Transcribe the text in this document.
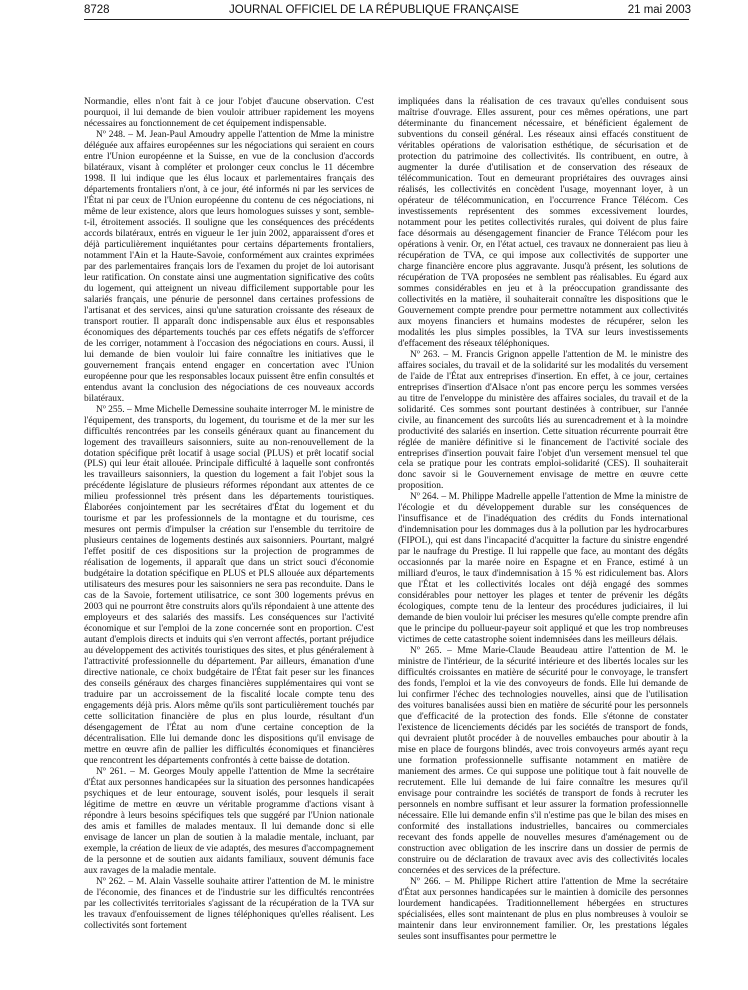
8728	JOURNAL OFFICIEL DE LA RÉPUBLIQUE FRANÇAISE	21 mai 2003

Normandie, elles n'ont fait à ce jour l'objet d'aucune observation. C'est pourquoi, il lui demande de bien vouloir attribuer rapidement les moyens nécessaires au fonctionnement de cet équipement indispensable.

Nº 248. – M. Jean-Paul Amoudry appelle l'attention de Mme la ministre déléguée aux affaires européennes sur les négociations qui seraient en cours entre l'Union européenne et la Suisse, en vue de la conclusion d'accords bilatéraux, visant à compléter et prolonger ceux conclus le 11 décembre 1998. Il lui indique que les élus locaux et parlementaires français des départements frontaliers n'ont, à ce jour, été informés ni par les services de l'État ni par ceux de l'Union européenne du contenu de ces négociations, ni même de leur existence, alors que leurs homologues suisses y sont, semble-t-il, étroitement associés. Il souligne que les conséquences des précédents accords bilatéraux, entrés en vigueur le 1er juin 2002, apparaissent d'ores et déjà particulièrement inquiétantes pour certains départements frontaliers, notamment l'Ain et la Haute-Savoie, conformément aux craintes exprimées par des parlementaires français lors de l'examen du projet de loi autorisant leur ratification. On constate ainsi une augmentation significative des coûts du logement, qui atteignent un niveau difficilement supportable pour les salariés français, une pénurie de personnel dans certaines professions de l'artisanat et des services, ainsi qu'une saturation croissante des réseaux de transport routier. Il apparaît donc indispensable aux élus et responsables économiques des départements touchés par ces effets négatifs de s'efforcer de les corriger, notamment à l'occasion des négociations en cours. Aussi, il lui demande de bien vouloir lui faire connaître les initiatives que le gouvernement français entend engager en concertation avec l'Union européenne pour que les responsables locaux puissent être enfin consultés et entendus avant la conclusion des négociations de ces nouveaux accords bilatéraux.

Nº 255. – Mme Michelle Demessine souhaite interroger M. le ministre de l'équipement, des transports, du logement, du tourisme et de la mer sur les difficultés rencontrées par les conseils généraux quant au financement du logement des travailleurs saisonniers, suite au non-renouvellement de la dotation spécifique prêt locatif à usage social (PLUS) et prêt locatif social (PLS) qui leur était allouée. Principale difficulté à laquelle sont confrontés les travailleurs saisonniers, la question du logement a fait l'objet sous la précédente législature de plusieurs réformes répondant aux attentes de ce milieu professionnel très présent dans les départements touristiques. Élaborées conjointement par les secrétaires d'État du logement et du tourisme et par les professionnels de la montagne et du tourisme, ces mesures ont permis d'impulser la création sur l'ensemble du territoire de plusieurs centaines de logements destinés aux saisonniers. Pourtant, malgré l'effet positif de ces dispositions sur la projection de programmes de réalisation de logements, il apparaît que dans un strict souci d'économie budgétaire la dotation spécifique en PLUS et PLS allouée aux départements utilisateurs des mesures pour les saisonniers ne sera pas reconduite. Dans le cas de la Savoie, fortement utilisatrice, ce sont 300 logements prévus en 2003 qui ne pourront être construits alors qu'ils répondaient à une attente des employeurs et des salariés des massifs. Les conséquences sur l'activité économique et sur l'emploi de la zone concernée sont en proportion. C'est autant d'emplois directs et induits qui s'en verront affectés, portant préjudice au développement des activités touristiques des sites, et plus généralement à l'attractivité professionnelle du département. Par ailleurs, émanation d'une directive nationale, ce choix budgétaire de l'État fait peser sur les finances des conseils généraux des charges financières supplémentaires qui vont se traduire par un accroissement de la fiscalité locale compte tenu des engagements déjà pris. Alors même qu'ils sont particulièrement touchés par cette sollicitation financière de plus en plus lourde, résultant d'un désengagement de l'État au nom d'une certaine conception de la décentralisation. Elle lui demande donc les dispositions qu'il envisage de mettre en œuvre afin de pallier les difficultés économiques et financières que rencontrent les départements confrontés à cette baisse de dotation.

Nº 261. – M. Georges Mouly appelle l'attention de Mme la secrétaire d'État aux personnes handicapées sur la situation des personnes handicapées psychiques et de leur entourage, souvent isolés, pour lesquels il serait légitime de mettre en œuvre un véritable programme d'actions visant à répondre à leurs besoins spécifiques tels que suggéré par l'Union nationale des amis et familles de malades mentaux. Il lui demande donc si elle envisage de lancer un plan de soutien à la maladie mentale, incluant, par exemple, la création de lieux de vie adaptés, des mesures d'accompagnement de la personne et de soutien aux aidants familiaux, souvent démunis face aux ravages de la maladie mentale.

Nº 262. – M. Alain Vasselle souhaite attirer l'attention de M. le ministre de l'économie, des finances et de l'industrie sur les difficultés rencontrées par les collectivités territoriales s'agissant de la récupération de la TVA sur les travaux d'enfouissement de lignes téléphoniques qu'elles réalisent. Les collectivités sont fortement

impliquées dans la réalisation de ces travaux qu'elles conduisent sous maîtrise d'ouvrage. Elles assurent, pour ces mêmes opérations, une part déterminante du financement nécessaire, et bénéficient également de subventions du conseil général. Les réseaux ainsi effacés constituent de véritables opérations de valorisation esthétique, de sécurisation et de protection du patrimoine des collectivités. Ils contribuent, en outre, à augmenter la durée d'utilisation et de conservation des réseaux de télécommunication. Tout en demeurant propriétaires des ouvrages ainsi réalisés, les collectivités en concèdent l'usage, moyennant loyer, à un opérateur de télécommunication, en l'occurrence France Télécom. Ces investissements représentent des sommes excessivement lourdes, notamment pour les petites collectivités rurales, qui doivent de plus faire face désormais au désengagement financier de France Télécom pour les opérations à venir. Or, en l'état actuel, ces travaux ne donneraient pas lieu à récupération de TVA, ce qui impose aux collectivités de supporter une charge financière encore plus aggravante. Jusqu'à présent, les solutions de récupération de TVA proposées ne semblent pas réalisables. Eu égard aux sommes considérables en jeu et à la préoccupation grandissante des collectivités en la matière, il souhaiterait connaître les dispositions que le Gouvernement compte prendre pour permettre notamment aux collectivités aux moyens financiers et humains modestes de récupérer, selon les modalités les plus simples possibles, la TVA sur leurs investissements d'effacement des réseaux téléphoniques.

Nº 263. – M. Francis Grignon appelle l'attention de M. le ministre des affaires sociales, du travail et de la solidarité sur les modalités du versement de l'aide de l'État aux entreprises d'insertion. En effet, à ce jour, certaines entreprises d'insertion d'Alsace n'ont pas encore perçu les sommes versées au titre de l'enveloppe du ministère des affaires sociales, du travail et de la solidarité. Ces sommes sont pourtant destinées à contribuer, sur l'année civile, au financement des surcoûts liés au surencadrement et à la moindre productivité des salariés en insertion. Cette situation récurrente pourrait être réglée de manière définitive si le financement de l'activité sociale des entreprises d'insertion pouvait faire l'objet d'un versement mensuel tel que cela se pratique pour les contrats emploi-solidarité (CES). Il souhaiterait donc savoir si le Gouvernement envisage de mettre en œuvre cette proposition.

Nº 264. – M. Philippe Madrelle appelle l'attention de Mme la ministre de l'écologie et du développement durable sur les conséquences de l'insuffisance et de l'inadéquation des crédits du Fonds international d'indemnisation pour les dommages dus à la pollution par les hydrocarbures (FIPOL), qui est dans l'incapacité d'acquitter la facture du sinistre engendré par le naufrage du Prestige. Il lui rappelle que face, au montant des dégâts occasionnés par la marée noire en Espagne et en France, estimé à un milliard d'euros, le taux d'indemnisation à 15 % est ridiculement bas. Alors que l'État et les collectivités locales ont déjà engagé des sommes considérables pour nettoyer les plages et tenter de prévenir les dégâts écologiques, compte tenu de la lenteur des procédures judiciaires, il lui demande de bien vouloir lui préciser les mesures qu'elle compte prendre afin que le principe du pollueur-payeur soit appliqué et que les trop nombreuses victimes de cette catastrophe soient indemnisées dans les meilleurs délais.

Nº 265. – Mme Marie-Claude Beaudeau attire l'attention de M. le ministre de l'intérieur, de la sécurité intérieure et des libertés locales sur les difficultés croissantes en matière de sécurité pour le convoyage, le transfert des fonds, l'emploi et la vie des convoyeurs de fonds. Elle lui demande de lui confirmer l'échec des technologies nouvelles, ainsi que de l'utilisation des voitures banalisées aussi bien en matière de sécurité pour les personnels que d'efficacité de la protection des fonds. Elle s'étonne de constater l'existence de licenciements décidés par les sociétés de transport de fonds, qui devraient plutôt procéder à de nouvelles embauches pour aboutir à la mise en place de fourgons blindés, avec trois convoyeurs armés ayant reçu une formation professionnelle suffisante notamment en matière de maniement des armes. Ce qui suppose une politique tout à fait nouvelle de recrutement. Elle lui demande de lui faire connaître les mesures qu'il envisage pour contraindre les sociétés de transport de fonds à recruter les personnels en nombre suffisant et leur assurer la formation professionnelle nécessaire. Elle lui demande enfin s'il n'estime pas que le bilan des mises en conformité des installations industrielles, bancaires ou commerciales recevant des fonds appelle de nouvelles mesures d'aménagement ou de construction avec obligation de les inscrire dans un dossier de permis de construire ou de déclaration de travaux avec avis des collectivités locales concernées et des services de la préfecture.

Nº 266. – M. Philippe Richert attire l'attention de Mme la secrétaire d'État aux personnes handicapées sur le maintien à domicile des personnes lourdement handicapées. Traditionnellement hébergées en structures spécialisées, elles sont maintenant de plus en plus nombreuses à vouloir se maintenir dans leur environnement familier. Or, les prestations légales seules sont insuffisantes pour permettre le
